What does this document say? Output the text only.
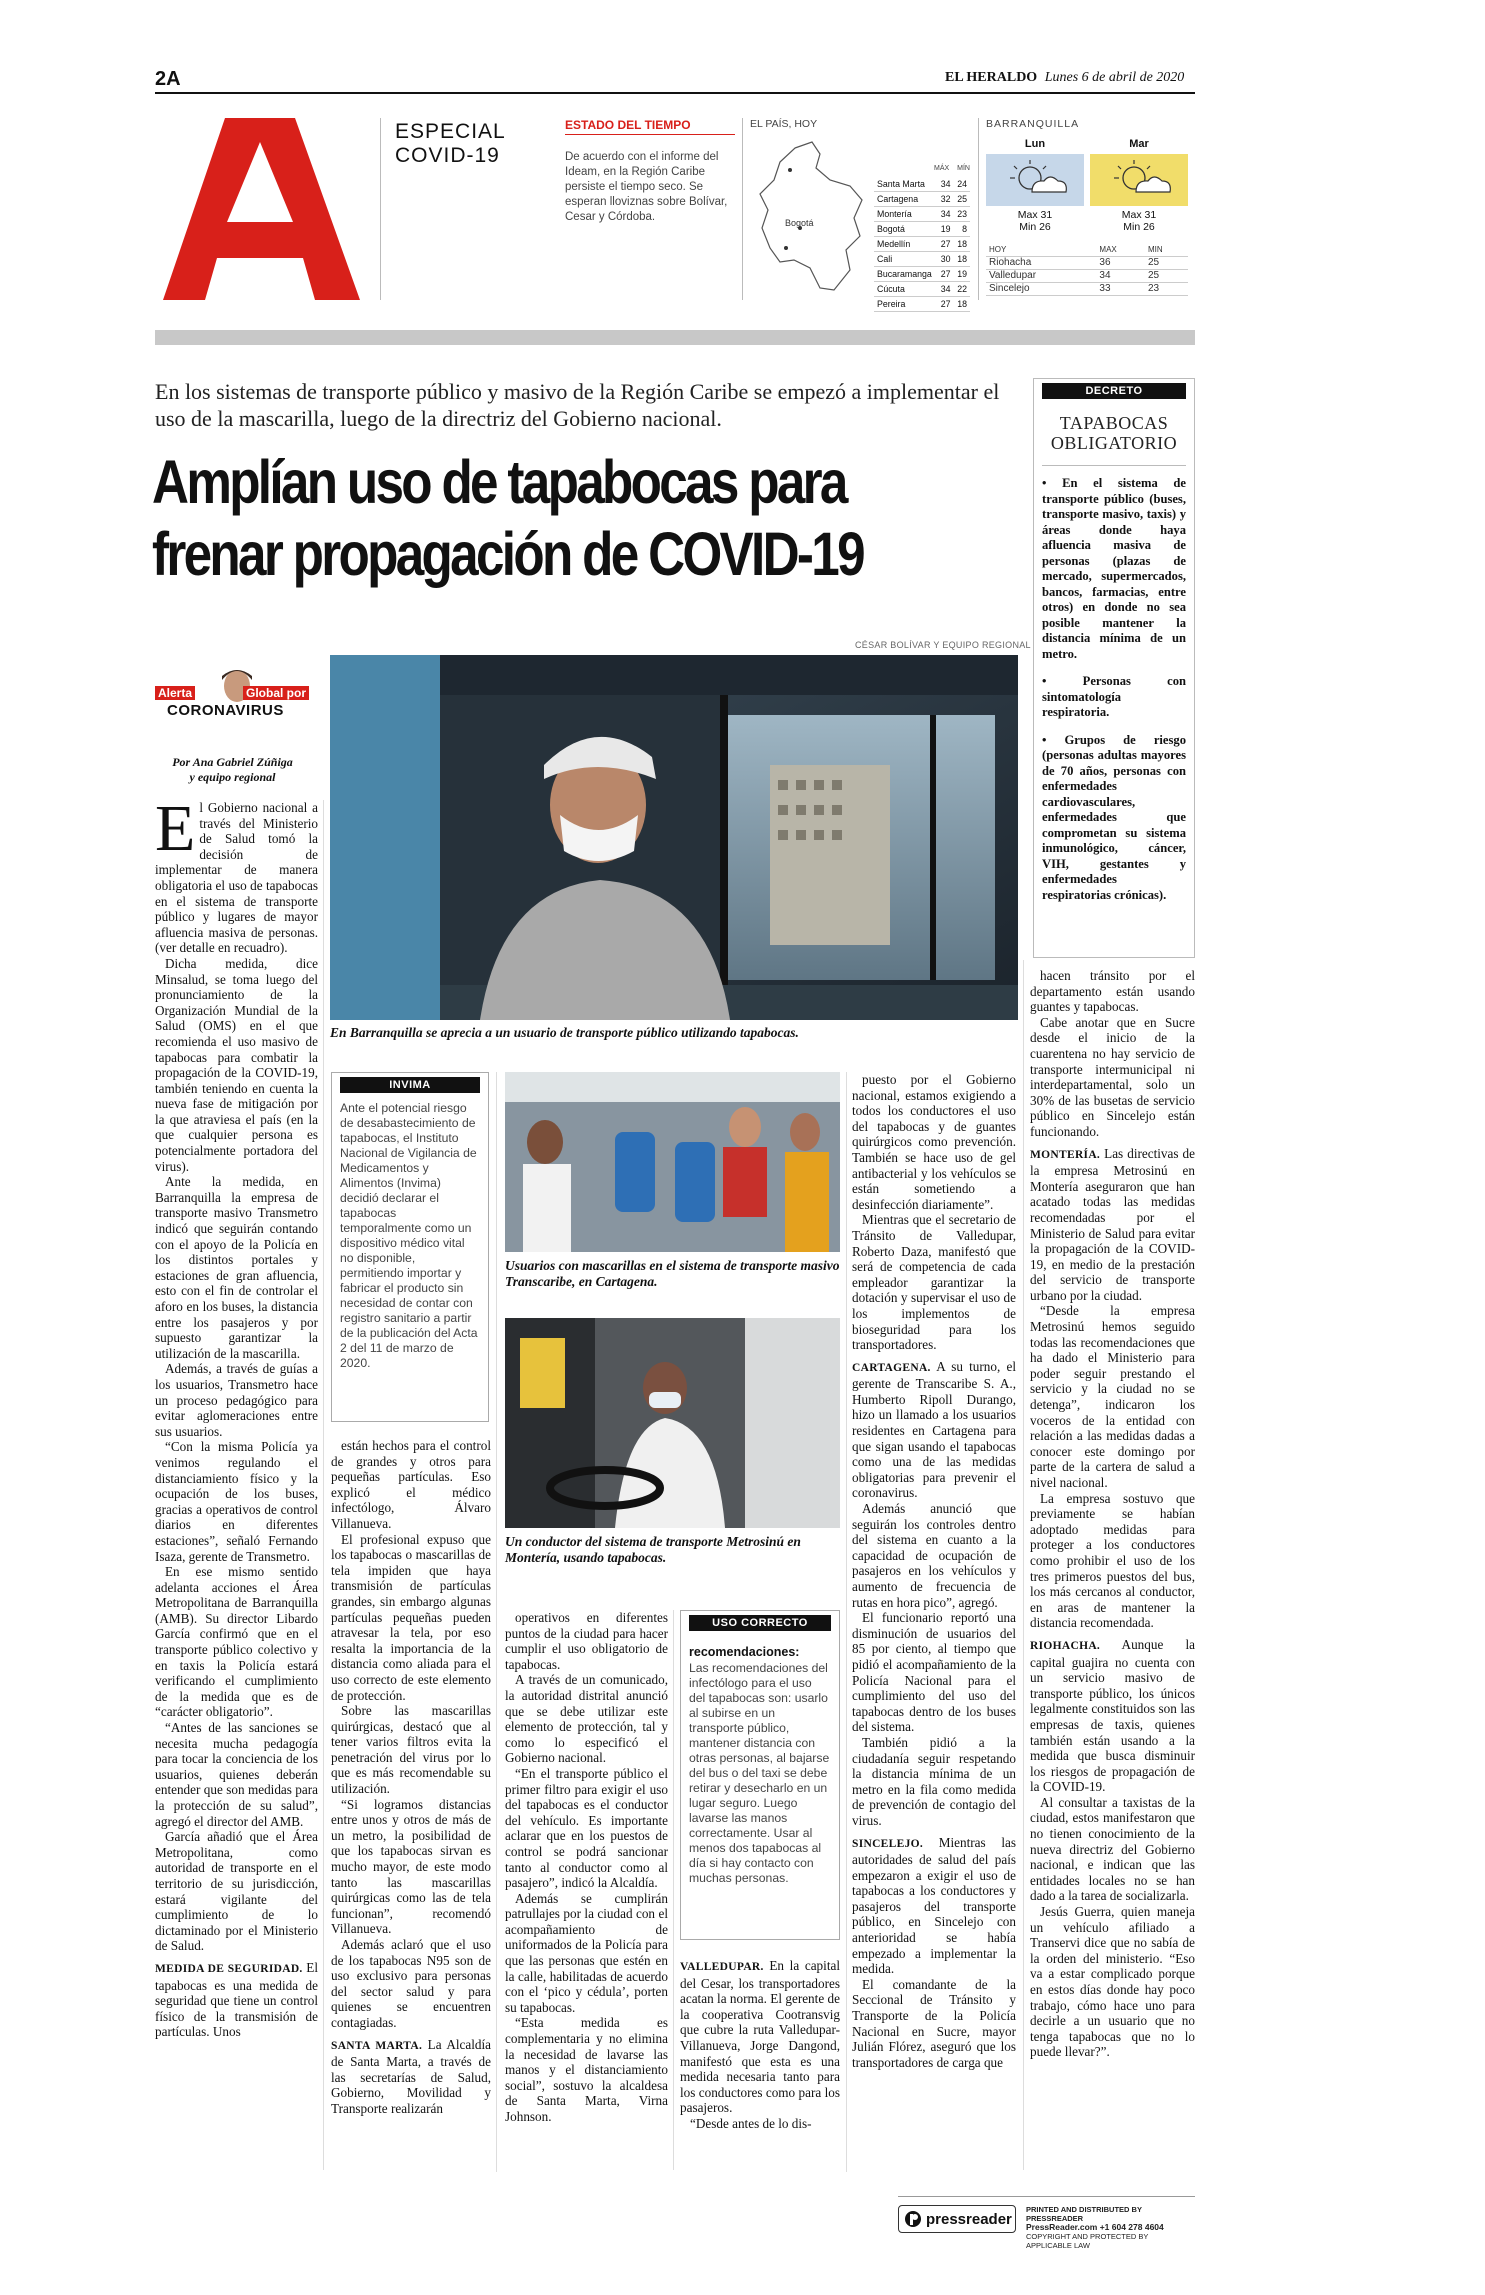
2A	EL HERALDO Lunes 6 de abril de 2020
ESPECIAL
COVID-19
ESTADO DEL TIEMPO
De acuerdo con el informe del Ideam, en la Región Caribe persiste el tiempo seco. Se esperan lloviznas sobre Bolívar, Cesar y Córdoba.
EL PAÍS, HOY
Bogotá
MÁX MÍN
Santa Marta	34	24
Cartagena	32	25
Montería	34	23
Bogotá	19	8
Medellín	27	18
Cali	30	18
Bucaramanga	27	19
Cúcuta	34	22
Pereira	27	18
BARRANQUILLA
Lun
Max 31
Min 26
Mar
Max 31
Min 26
HOY	MAX	MIN
Riohacha	36	25
Valledupar	34	25
Sincelejo	33	23
En los sistemas de transporte público y masivo de la Región Caribe se empezó a implementar el uso de la mascarilla, luego de la directriz del Gobierno nacional.
Amplían uso de tapabocas para
frenar propagación de COVID-19
DECRETO
TAPABOCAS
OBLIGATORIO
• En el sistema de transporte público (buses, transporte masivo, taxis) y áreas donde haya afluencia masiva de personas (plazas de mercado, supermercados, bancos, farmacias, entre otros) en donde no sea posible mantener la distancia mínima de un metro.
• Personas con sintomatología respiratoria.
• Grupos de riesgo (personas adultas mayores de 70 años, personas con enfermedades cardiovasculares, enfermedades que comprometan su sistema inmunológico, cáncer, VIH, gestantes y enfermedades respiratorias crónicas).
CÉSAR BOLÍVAR Y EQUIPO REGIONAL
Alerta	Global por
CORONAVIRUS
Por Ana Gabriel Zúñiga
y equipo regional
E l Gobierno nacional a través del Ministerio de Salud tomó la decisión de implementar de manera obligatoria el uso de tapabocas en el sistema de transporte público y lugares de mayor afluencia masiva de personas. (ver detalle en recuadro).

Dicha medida, dice Minsalud, se toma luego del pronunciamiento de la Organización Mundial de la Salud (OMS) en el que recomienda el uso masivo de tapabocas para combatir la propagación de la COVID-19, también teniendo en cuenta la nueva fase de mitigación por la que atraviesa el país (en la que cualquier persona es potencialmente portadora del virus).

Ante la medida, en Barranquilla la empresa de transporte masivo Transmetro indicó que seguirán contando con el apoyo de la Policía en los distintos portales y estaciones de gran afluencia, esto con el fin de controlar el aforo en los buses, la distancia entre los pasajeros y por supuesto garantizar la utilización de la mascarilla.

Además, a través de guías a los usuarios, Transmetro hace un proceso pedagógico para evitar aglomeraciones entre sus usuarios.

“Con la misma Policía ya venimos regulando el distanciamiento físico y la ocupación de los buses, gracias a operativos de control diarios en diferentes estaciones”, señaló Fernando Isaza, gerente de Transmetro.

En ese mismo sentido adelanta acciones el Área Metropolitana de Barranquilla (AMB). Su director Libardo García confirmó que en el transporte público colectivo y en taxis la Policía estará verificando el cumplimiento de la medida que es de “carácter obligatorio”.

“Antes de las sanciones se necesita mucha pedagogía para tocar la conciencia de los usuarios, quienes deberán entender que son medidas para la protección de su salud”, agregó el director del AMB.

García añadió que el Área Metropolitana, como autoridad de transporte en el territorio de su jurisdicción, estará vigilante del cumplimiento de lo dictaminado por el Ministerio de Salud.

MEDIDA DE SEGURIDAD. El tapabocas es una medida de seguridad que tiene un control físico de la transmisión de partículas. Unos

En Barranquilla se aprecia a un usuario de transporte público utilizando tapabocas.
INVIMA
Ante el potencial riesgo de desabastecimiento de tapabocas, el Instituto Nacional de Vigilancia de Medicamentos y Alimentos (Invima) decidió declarar el tapabocas temporalmente como un dispositivo médico vital no disponible, permitiendo importar y fabricar el producto sin necesidad de contar con registro sanitario a partir de la publicación del Acta 2 del 11 de marzo de 2020.

están hechos para el control de grandes y otros para pequeñas partículas. Eso explicó el médico infectólogo, Álvaro Villanueva.

El profesional expuso que los tapabocas o mascarillas de tela impiden que haya transmisión de partículas grandes, sin embargo algunas partículas pequeñas pueden atravesar la tela, por eso resalta la importancia de la distancia como aliada para el uso correcto de este elemento de protección.

Sobre las mascarillas quirúrgicas, destacó que al tener varios filtros evita la penetración del virus por lo que es más recomendable su utilización.

“Si logramos distancias entre unos y otros de más de un metro, la posibilidad de que los tapabocas sirvan es mucho mayor, de este modo tanto las mascarillas quirúrgicas como las de tela funcionan”, recomendó Villanueva.

Además aclaró que el uso de los tapabocas N95 son de uso exclusivo para personas del sector salud y para quienes se encuentren contagiadas.

SANTA MARTA. La Alcaldía de Santa Marta, a través de las secretarías de Salud, Gobierno, Movilidad y Transporte realizarán

Usuarios con mascarillas en el sistema de transporte masivo Transcaribe, en Cartagena.
Un conductor del sistema de transporte Metrosinú en Montería, usando tapabocas.

operativos en diferentes puntos de la ciudad para hacer cumplir el uso obligatorio de tapabocas.

A través de un comunicado, la autoridad distrital anunció que se debe utilizar este elemento de protección, tal y como lo especificó el Gobierno nacional.

“En el transporte público el primer filtro para exigir el uso del tapabocas es el conductor del vehículo. Es importante aclarar que en los puestos de control se podrá sancionar tanto al conductor como al pasajero”, indicó la Alcaldía.

Además se cumplirán patrullajes por la ciudad con el acompañamiento de uniformados de la Policía para que las personas que estén en la calle, habilitadas de acuerdo con el ‘pico y cédula’, porten su tapabocas.

“Esta medida es complementaria y no elimina la necesidad de lavarse las manos y el distanciamiento social”, sostuvo la alcaldesa de Santa Marta, Virna Johnson.

USO CORRECTO
recomendaciones:
Las recomendaciones del infectólogo para el uso del tapabocas son: usarlo al subirse en un transporte público, mantener distancia con otras personas, al bajarse del bus o del taxi se debe retirar y desecharlo en un lugar seguro. Luego lavarse las manos correctamente. Usar al menos dos tapabocas al día si hay contacto con muchas personas.

VALLEDUPAR. En la capital del Cesar, los transportadores acatan la norma. El gerente de la cooperativa Cootransvig que cubre la ruta Valledupar- Villanueva, Jorge Dangond, manifestó que esta es una medida necesaria tanto para los conductores como para los pasajeros.

“Desde antes de lo dis-

puesto por el Gobierno nacional, estamos exigiendo a todos los conductores el uso del tapabocas y de guantes quirúrgicos como prevención. También se hace uso de gel antibacterial y los vehículos se están sometiendo a desinfección diariamente”.

Mientras que el secretario de Tránsito de Valledupar, Roberto Daza, manifestó que será de competencia de cada empleador garantizar la dotación y supervisar el uso de los implementos de bioseguridad para los transportadores.

CARTAGENA. A su turno, el gerente de Transcaribe S. A., Humberto Ripoll Durango, hizo un llamado a los usuarios residentes en Cartagena para que sigan usando el tapabocas como una de las medidas obligatorias para prevenir el coronavirus.

Además anunció que seguirán los controles dentro del sistema en cuanto a la capacidad de ocupación de pasajeros en los vehículos y aumento de frecuencia de rutas en hora pico”, agregó.

El funcionario reportó una disminución de usuarios del 85 por ciento, al tiempo que pidió el acompañamiento de la Policía Nacional para el cumplimiento del uso del tapabocas dentro de los buses del sistema.

También pidió a la ciudadanía seguir respetando la distancia mínima de un metro en la fila como medida de prevención de contagio del virus.

SINCELEJO. Mientras las autoridades de salud del país empezaron a exigir el uso de tapabocas a los conductores y pasajeros del transporte público, en Sincelejo con anterioridad se había empezado a implementar la medida.

El comandante de la Seccional de Tránsito y Transporte de la Policía Nacional en Sucre, mayor Julián Flórez, aseguró que los transportadores de carga que

hacen tránsito por el departamento están usando guantes y tapabocas.

Cabe anotar que en Sucre desde el inicio de la cuarentena no hay servicio de transporte intermunicipal ni interdepartamental, solo un 30% de las busetas de servicio público en Sincelejo están funcionando.

MONTERÍA. Las directivas de la empresa Metrosinú en Montería aseguraron que han acatado todas las medidas recomendadas por el Ministerio de Salud para evitar la propagación de la COVID-19, en medio de la prestación del servicio de transporte urbano por la ciudad.

“Desde la empresa Metrosinú hemos seguido todas las recomendaciones que ha dado el Ministerio para poder seguir prestando el servicio y la ciudad no se detenga”, indicaron los voceros de la entidad con relación a las medidas dadas a conocer este domingo por parte de la cartera de salud a nivel nacional.

La empresa sostuvo que previamente se habían adoptado medidas para proteger a los conductores como prohibir el uso de los tres primeros puestos del bus, los más cercanos al conductor, en aras de mantener la distancia recomendada.

RIOHACHA. Aunque la capital guajira no cuenta con un servicio masivo de transporte público, los únicos legalmente constituidos son las empresas de taxis, quienes también están usando a la medida que busca disminuir los riesgos de propagación de la COVID-19.

Al consultar a taxistas de la ciudad, estos manifestaron que no tienen conocimiento de la nueva directriz del Gobierno nacional, e indican que las entidades locales no se han dado a la tarea de socializarla.

Jesús Guerra, quien maneja un vehículo afiliado a Transervi dice que no sabía de la orden del ministerio. “Eso va a estar complicado porque en estos días donde hay poco trabajo, cómo hace uno para decirle a un usuario que no tenga tapabocas que no lo puede llevar?”.

pressreader
PRINTED AND DISTRIBUTED BY PRESSREADER
PressReader.com +1 604 278 4604
COPYRIGHT AND PROTECTED BY APPLICABLE LAW
